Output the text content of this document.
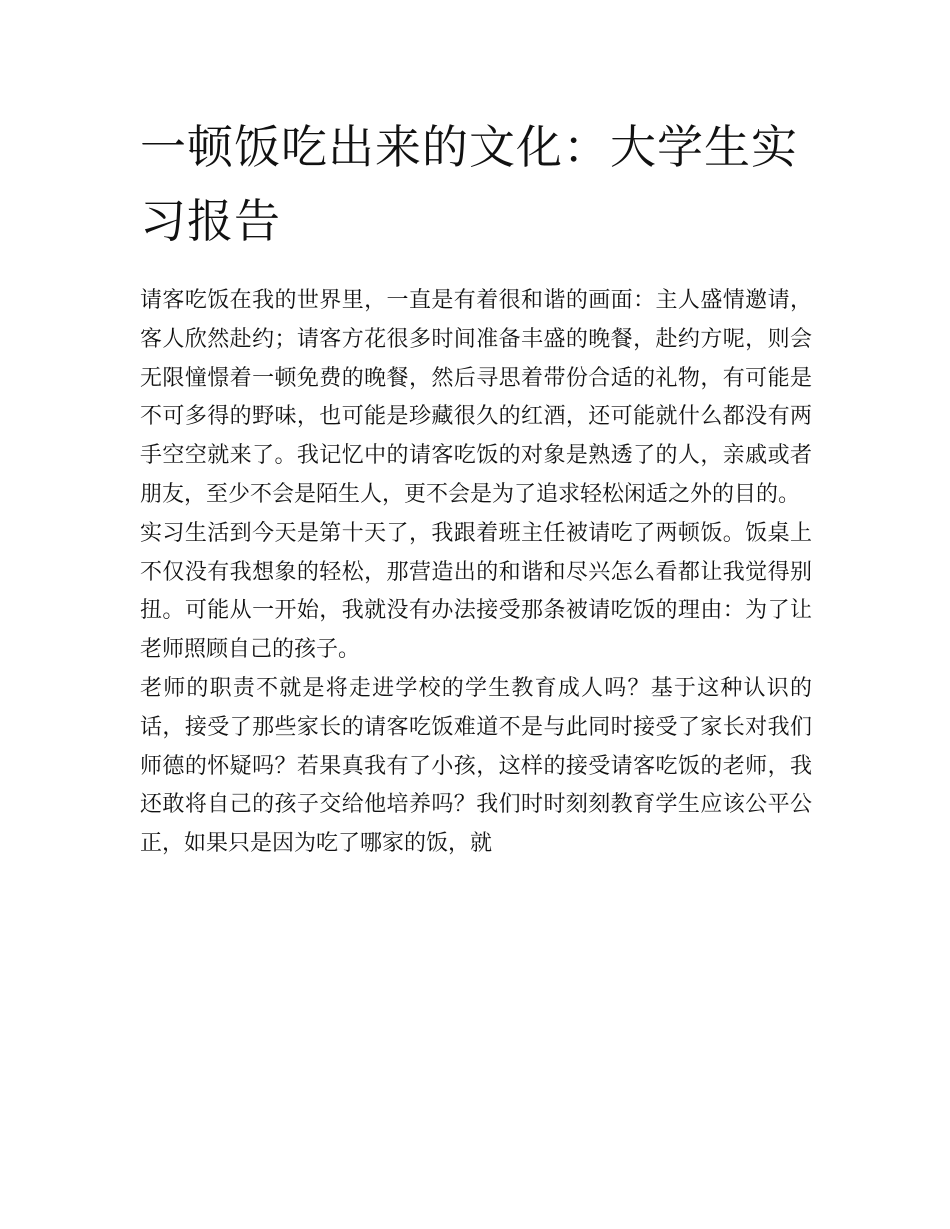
一顿饭吃出来的文化：大学生实习报告

请客吃饭在我的世界里，一直是有着很和谐的画面：主人盛情邀请，客人欣然赴约；请客方花很多时间准备丰盛的晚餐，赴约方呢，则会无限憧憬着一顿免费的晚餐，然后寻思着带份合适的礼物，有可能是不可多得的野味，也可能是珍藏很久的红酒，还可能就什么都没有两手空空就来了。我记忆中的请客吃饭的对象是熟透了的人，亲戚或者朋友，至少不会是陌生人，更不会是为了追求轻松闲适之外的目的。

实习生活到今天是第十天了，我跟着班主任被请吃了两顿饭。饭桌上不仅没有我想象的轻松，那营造出的和谐和尽兴怎么看都让我觉得别扭。可能从一开始，我就没有办法接受那条被请吃饭的理由：为了让老师照顾自己的孩子。

老师的职责不就是将走进学校的学生教育成人吗？基于这种认识的话，接受了那些家长的请客吃饭难道不是与此同时接受了家长对我们师德的怀疑吗？若果真我有了小孩，这样的接受请客吃饭的老师，我还敢将自己的孩子交给他培养吗？我们时时刻刻教育学生应该公平公正，如果只是因为吃了哪家的饭，就
